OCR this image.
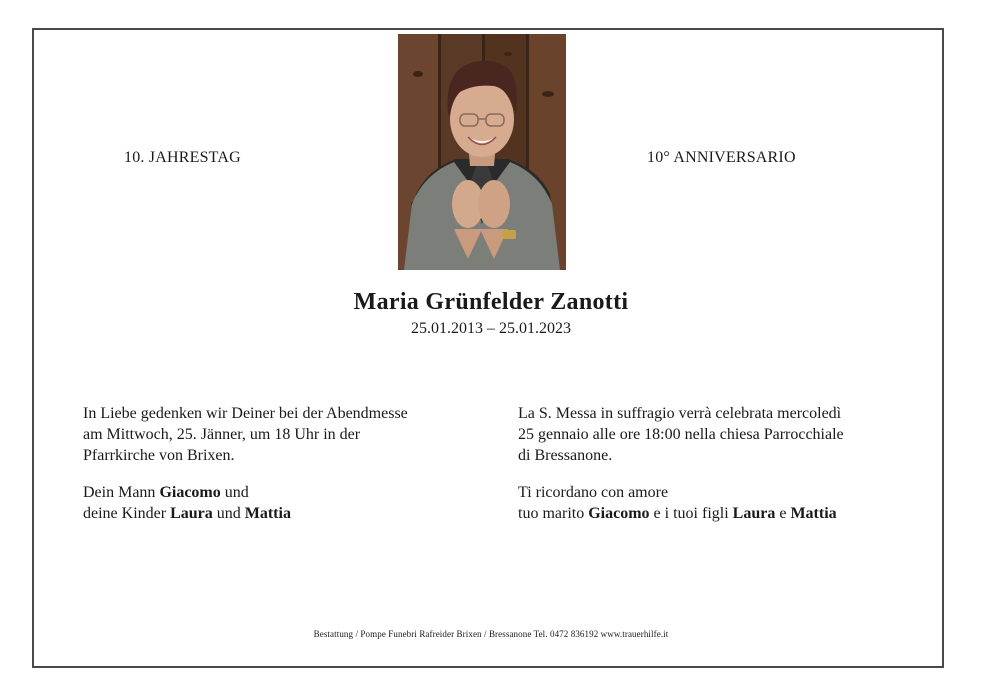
10. JAHRESTAG	10° ANNIVERSARIO
Maria Grünfelder Zanotti
25.01.2013 – 25.01.2023

In Liebe gedenken wir Deiner bei der Abendmesse

am Mittwoch, 25. Jänner, um 18 Uhr in der

Pfarrkirche von Brixen.

Dein Mann Giacomo und

deine Kinder Laura und Mattia

La S. Messa in suffragio verrà celebrata mercoledì

25 gennaio alle ore 18:00 nella chiesa Parrocchiale

di Bressanone.

Ti ricordano con amore

tuo marito Giacomo e i tuoi figli Laura e Mattia

Bestattung / Pompe Funebri Rafreider Brixen / Bressanone Tel. 0472 836192 www.trauerhilfe.it
